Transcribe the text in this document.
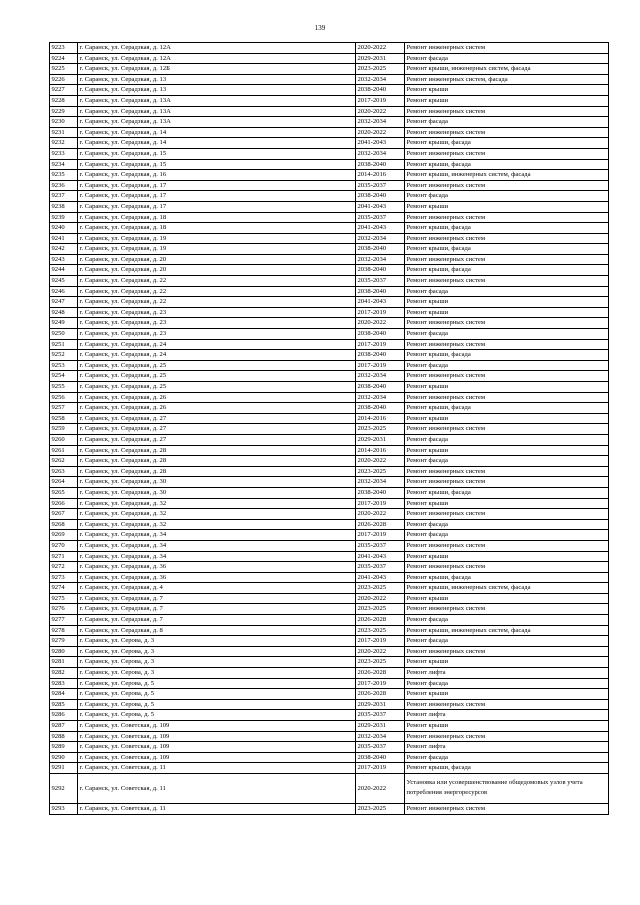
139
9223	г. Саранск, ул. Серадзкая, д. 12А	2020-2022	Ремонт инженерных систем
9224	г. Саранск, ул. Серадзкая, д. 12А	2029-2031	Ремонт фасада
9225	г. Саранск, ул. Серадзкая, д. 12Б	2023-2025	Ремонт крыши, инженерных систем, фасада
9226	г. Саранск, ул. Серадзкая, д. 13	2032-2034	Ремонт инженерных систем, фасада
9227	г. Саранск, ул. Серадзкая, д. 13	2038-2040	Ремонт крыши
9228	г. Саранск, ул. Серадзкая, д. 13А	2017-2019	Ремонт крыши
9229	г. Саранск, ул. Серадзкая, д. 13А	2020-2022	Ремонт инженерных систем
9230	г. Саранск, ул. Серадзкая, д. 13А	2032-2034	Ремонт фасада
9231	г. Саранск, ул. Серадзкая, д. 14	2020-2022	Ремонт инженерных систем
9232	г. Саранск, ул. Серадзкая, д. 14	2041-2043	Ремонт крыши, фасада
9233	г. Саранск, ул. Серадзкая, д. 15	2032-2034	Ремонт инженерных систем
9234	г. Саранск, ул. Серадзкая, д. 15	2038-2040	Ремонт крыши, фасада
9235	г. Саранск, ул. Серадзкая, д. 16	2014-2016	Ремонт крыши, инженерных систем, фасада
9236	г. Саранск, ул. Серадзкая, д. 17	2035-2037	Ремонт инженерных систем
9237	г. Саранск, ул. Серадзкая, д. 17	2038-2040	Ремонт фасада
9238	г. Саранск, ул. Серадзкая, д. 17	2041-2043	Ремонт крыши
9239	г. Саранск, ул. Серадзкая, д. 18	2035-2037	Ремонт инженерных систем
9240	г. Саранск, ул. Серадзкая, д. 18	2041-2043	Ремонт крыши, фасада
9241	г. Саранск, ул. Серадзкая, д. 19	2032-2034	Ремонт инженерных систем
9242	г. Саранск, ул. Серадзкая, д. 19	2038-2040	Ремонт крыши, фасада
9243	г. Саранск, ул. Серадзкая, д. 20	2032-2034	Ремонт инженерных систем
9244	г. Саранск, ул. Серадзкая, д. 20	2038-2040	Ремонт крыши, фасада
9245	г. Саранск, ул. Серадзкая, д. 22	2035-2037	Ремонт инженерных систем
9246	г. Саранск, ул. Серадзкая, д. 22	2038-2040	Ремонт фасада
9247	г. Саранск, ул. Серадзкая, д. 22	2041-2043	Ремонт крыши
9248	г. Саранск, ул. Серадзкая, д. 23	2017-2019	Ремонт крыши
9249	г. Саранск, ул. Серадзкая, д. 23	2020-2022	Ремонт инженерных систем
9250	г. Саранск, ул. Серадзкая, д. 23	2038-2040	Ремонт фасада
9251	г. Саранск, ул. Серадзкая, д. 24	2017-2019	Ремонт инженерных систем
9252	г. Саранск, ул. Серадзкая, д. 24	2038-2040	Ремонт крыши, фасада
9253	г. Саранск, ул. Серадзкая, д. 25	2017-2019	Ремонт фасада
9254	г. Саранск, ул. Серадзкая, д. 25	2032-2034	Ремонт инженерных систем
9255	г. Саранск, ул. Серадзкая, д. 25	2038-2040	Ремонт крыши
9256	г. Саранск, ул. Серадзкая, д. 26	2032-2034	Ремонт инженерных систем
9257	г. Саранск, ул. Серадзкая, д. 26	2038-2040	Ремонт крыши, фасада
9258	г. Саранск, ул. Серадзкая, д. 27	2014-2016	Ремонт крыши
9259	г. Саранск, ул. Серадзкая, д. 27	2023-2025	Ремонт инженерных систем
9260	г. Саранск, ул. Серадзкая, д. 27	2029-2031	Ремонт фасада
9261	г. Саранск, ул. Серадзкая, д. 28	2014-2016	Ремонт крыши
9262	г. Саранск, ул. Серадзкая, д. 28	2020-2022	Ремонт фасада
9263	г. Саранск, ул. Серадзкая, д. 28	2023-2025	Ремонт инженерных систем
9264	г. Саранск, ул. Серадзкая, д. 30	2032-2034	Ремонт инженерных систем
9265	г. Саранск, ул. Серадзкая, д. 30	2038-2040	Ремонт крыши, фасада
9266	г. Саранск, ул. Серадзкая, д. 32	2017-2019	Ремонт крыши
9267	г. Саранск, ул. Серадзкая, д. 32	2020-2022	Ремонт инженерных систем
9268	г. Саранск, ул. Серадзкая, д. 32	2026-2028	Ремонт фасада
9269	г. Саранск, ул. Серадзкая, д. 34	2017-2019	Ремонт фасада
9270	г. Саранск, ул. Серадзкая, д. 34	2035-2037	Ремонт инженерных систем
9271	г. Саранск, ул. Серадзкая, д. 34	2041-2043	Ремонт крыши
9272	г. Саранск, ул. Серадзкая, д. 36	2035-2037	Ремонт инженерных систем
9273	г. Саранск, ул. Серадзкая, д. 36	2041-2043	Ремонт крыши, фасада
9274	г. Саранск, ул. Серадзкая, д. 4	2023-2025	Ремонт крыши, инженерных систем, фасада
9275	г. Саранск, ул. Серадзкая, д. 7	2020-2022	Ремонт крыши
9276	г. Саранск, ул. Серадзкая, д. 7	2023-2025	Ремонт инженерных систем
9277	г. Саранск, ул. Серадзкая, д. 7	2026-2028	Ремонт фасада
9278	г. Саранск, ул. Серадзкая, д. 8	2023-2025	Ремонт крыши, инженерных систем, фасада
9279	г. Саранск, ул. Серова, д. 3	2017-2019	Ремонт фасада
9280	г. Саранск, ул. Серова, д. 3	2020-2022	Ремонт инженерных систем
9281	г. Саранск, ул. Серова, д. 3	2023-2025	Ремонт крыши
9282	г. Саранск, ул. Серова, д. 3	2026-2028	Ремонт лифта
9283	г. Саранск, ул. Серова, д. 5	2017-2019	Ремонт фасада
9284	г. Саранск, ул. Серова, д. 5	2026-2028	Ремонт крыши
9285	г. Саранск, ул. Серова, д. 5	2029-2031	Ремонт инженерных систем
9286	г. Саранск, ул. Серова, д. 5	2035-2037	Ремонт лифта
9287	г. Саранск, ул. Советская, д. 109	2029-2031	Ремонт крыши
9288	г. Саранск, ул. Советская, д. 109	2032-2034	Ремонт инженерных систем
9289	г. Саранск, ул. Советская, д. 109	2035-2037	Ремонт лифта
9290	г. Саранск, ул. Советская, д. 109	2038-2040	Ремонт фасада
9291	г. Саранск, ул. Советская, д. 11	2017-2019	Ремонт крыши, фасада
9292	г. Саранск, ул. Советская, д. 11	2020-2022	Установка или усовершенствование общедомовых узлов учета потребления энергоресурсов
9293	г. Саранск, ул. Советская, д. 11	2023-2025	Ремонт инженерных систем
